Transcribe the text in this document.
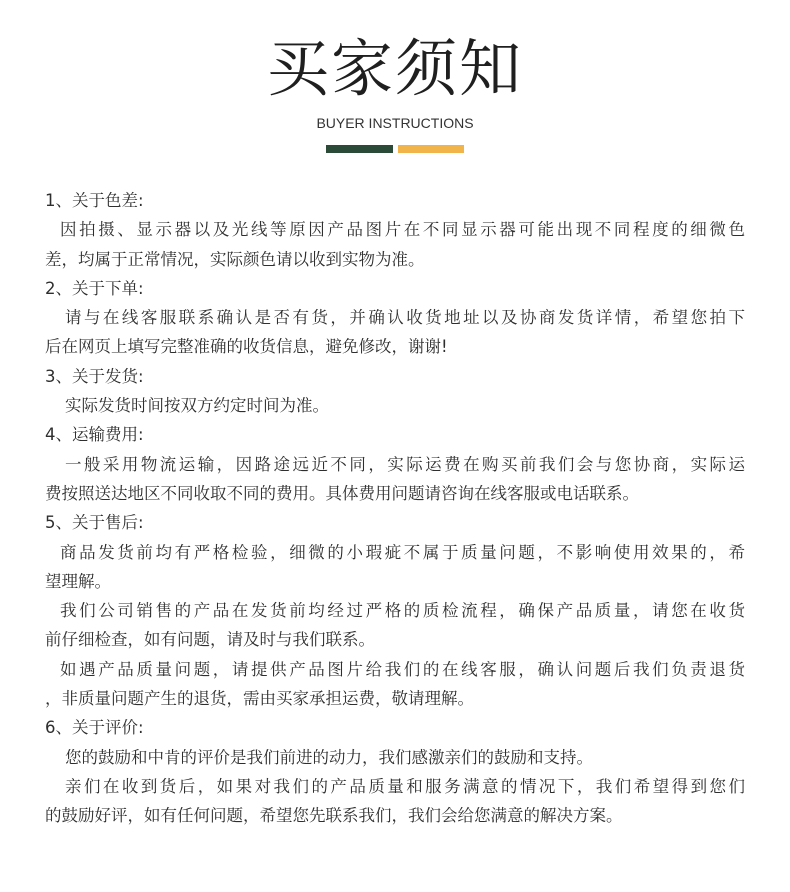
买家须知
BUYER INSTRUCTIONS
1、关于色差:
因拍摄、显示器以及光线等原因产品图片在不同显示器可能出现不同程度的细微色
差，均属于正常情况，实际颜色请以收到实物为准。
2、关于下单:
请与在线客服联系确认是否有货，并确认收货地址以及协商发货详情，希望您拍下
后在网页上填写完整准确的收货信息，避免修改，谢谢!
3、关于发货:
实际发货时间按双方约定时间为准。
4、运输费用:
一般采用物流运输，因路途远近不同，实际运费在购买前我们会与您协商，实际运
费按照送达地区不同收取不同的费用。具体费用问题请咨询在线客服或电话联系。
5、关于售后:
商品发货前均有严格检验，细微的小瑕疵不属于质量问题，不影响使用效果的，希
望理解。
我们公司销售的产品在发货前均经过严格的质检流程，确保产品质量，请您在收货
前仔细检查，如有问题，请及时与我们联系。
如遇产品质量问题，请提供产品图片给我们的在线客服，确认问题后我们负责退货
，非质量问题产生的退货，需由买家承担运费，敬请理解。
6、关于评价:
您的鼓励和中肯的评价是我们前进的动力，我们感激亲们的鼓励和支持。
亲们在收到货后，如果对我们的产品质量和服务满意的情况下，我们希望得到您们
的鼓励好评，如有任何问题，希望您先联系我们，我们会给您满意的解决方案。
